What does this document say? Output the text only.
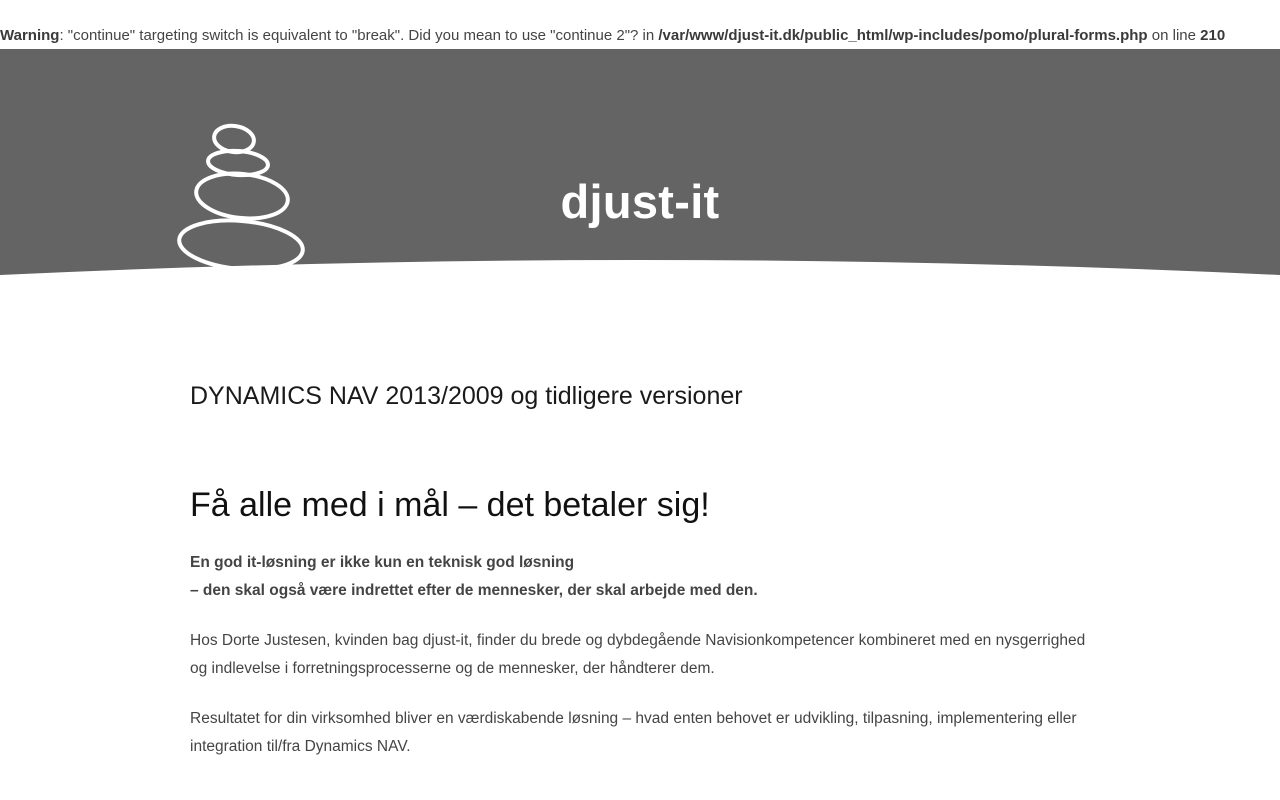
Warning: "continue" targeting switch is equivalent to "break". Did you mean to use "continue 2"? in /var/www/djust-it.dk/public_html/wp-includes/pomo/plural-forms.php on line 210
djust-it
DYNAMICS NAV 2013/2009 og tidligere versioner
Få alle med i mål – det betaler sig!

En god it-løsning er ikke kun en teknisk god løsning
– den skal også være indrettet efter de mennesker, der skal arbejde med den.

Hos Dorte Justesen, kvinden bag djust-it, finder du brede og dybdegående Navisionkompetencer kombineret med en nysgerrighed og indlevelse i forretningsprocesserne og de mennesker, der håndterer dem.

Resultatet for din virksomhed bliver en værdiskabende løsning – hvad enten behovet er udvikling, tilpasning, implementering eller integration til/fra Dynamics NAV.
